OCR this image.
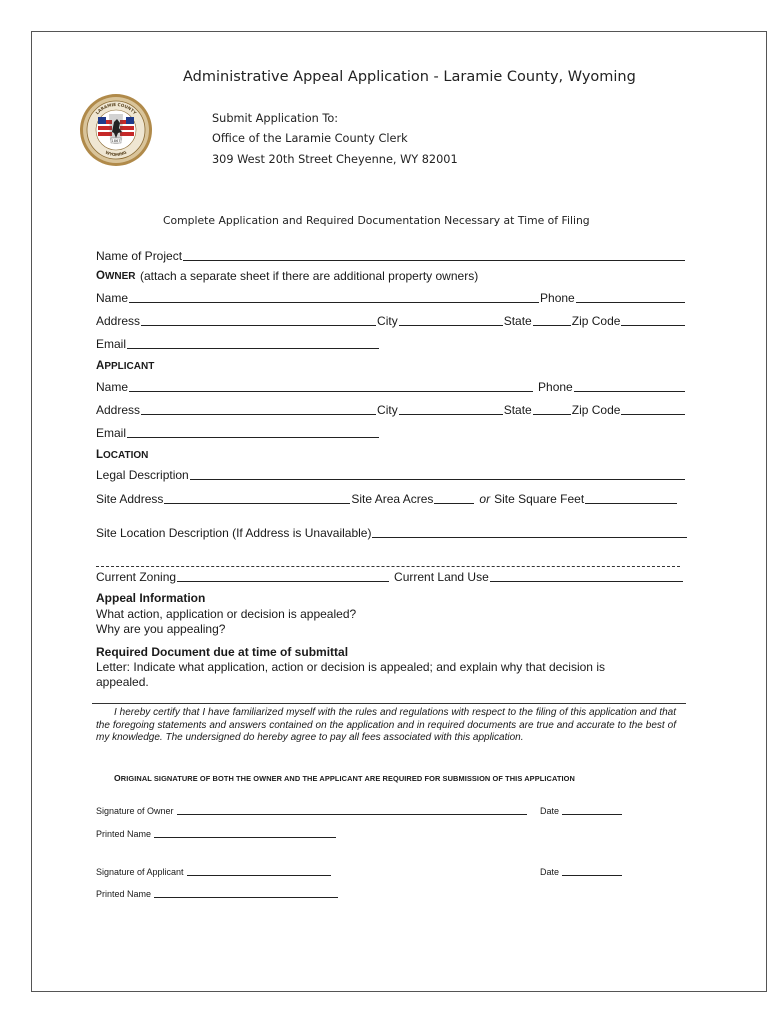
LARAMIE COUNTY
WYOMING
1867
Administrative Appeal Application - Laramie County, Wyoming
Submit Application To:
Office of the Laramie County Clerk
309 West 20th Street Cheyenne, WY 82001
Complete Application and Required Documentation Necessary at Time of Filing
Name of Project
OWNER (attach a separate sheet if there are additional property owners)
Name	Phone
Address	City	State	Zip Code
Email
APPLICANT
Name	Phone
Address	City	State	Zip Code
Email
LOCATION
Legal Description
Site Address	Site Area Acres	or Site Square Feet
Site Location Description (If Address is Unavailable)
Current Zoning	Current Land Use
Appeal Information
What action, application or decision is appealed?
Why are you appealing?
Required Document due at time of submittal
Letter: Indicate what application, action or decision is appealed; and explain why that decision is
appealed.
I hereby certify that I have familiarized myself with the rules and regulations with respect to the filing of this application and that the foregoing statements and answers contained on the application and in required documents are true and accurate to the best of my knowledge. The undersigned do hereby agree to pay all fees associated with this application.
ORIGINAL SIGNATURE OF BOTH THE OWNER AND THE APPLICANT ARE REQUIRED FOR SUBMISSION OF THIS APPLICATION
Signature of Owner	Date
Printed Name
Signature of Applicant	Date
Printed Name
